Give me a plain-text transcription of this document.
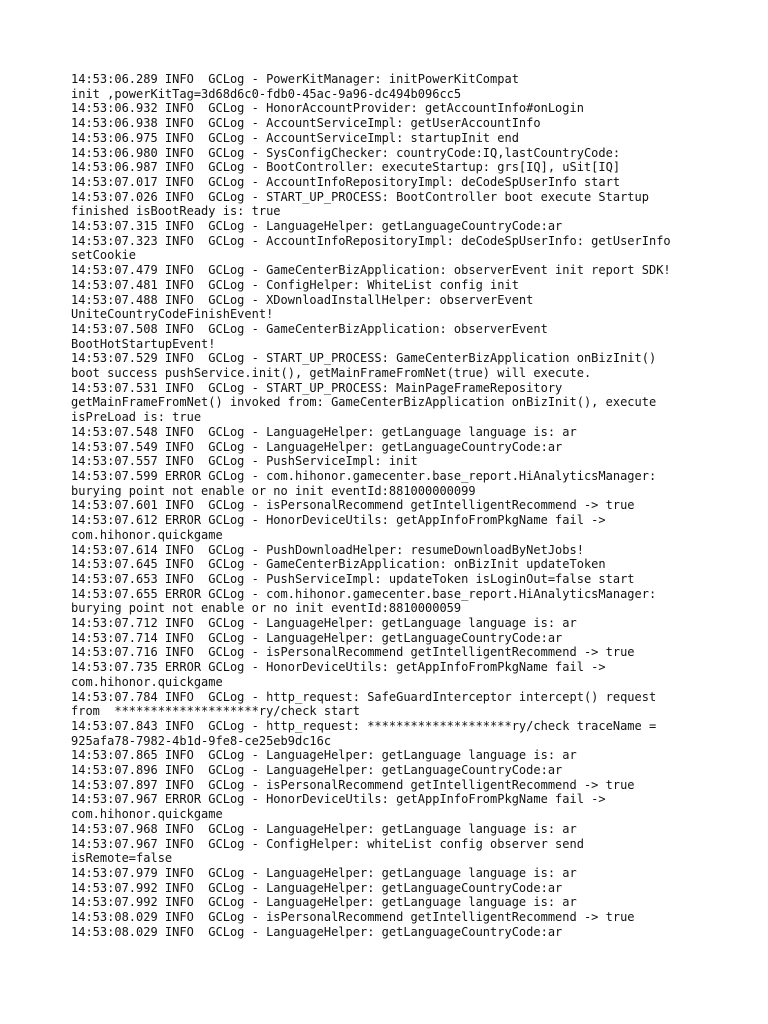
14:53:06.289 INFO  GCLog - PowerKitManager: initPowerKitCompat
init ,powerKitTag=3d68d6c0-fdb0-45ac-9a96-dc494b096cc5
14:53:06.932 INFO  GCLog - HonorAccountProvider: getAccountInfo#onLogin
14:53:06.938 INFO  GCLog - AccountServiceImpl: getUserAccountInfo
14:53:06.975 INFO  GCLog - AccountServiceImpl: startupInit end
14:53:06.980 INFO  GCLog - SysConfigChecker: countryCode:IQ,lastCountryCode:
14:53:06.987 INFO  GCLog - BootController: executeStartup: grs[IQ], uSit[IQ]
14:53:07.017 INFO  GCLog - AccountInfoRepositoryImpl: deCodeSpUserInfo start
14:53:07.026 INFO  GCLog - START_UP_PROCESS: BootController boot execute Startup
finished isBootReady is: true
14:53:07.315 INFO  GCLog - LanguageHelper: getLanguageCountryCode:ar
14:53:07.323 INFO  GCLog - AccountInfoRepositoryImpl: deCodeSpUserInfo: getUserInfo
setCookie
14:53:07.479 INFO  GCLog - GameCenterBizApplication: observerEvent init report SDK!
14:53:07.481 INFO  GCLog - ConfigHelper: WhiteList config init
14:53:07.488 INFO  GCLog - XDownloadInstallHelper: observerEvent
UniteCountryCodeFinishEvent!
14:53:07.508 INFO  GCLog - GameCenterBizApplication: observerEvent
BootHotStartupEvent!
14:53:07.529 INFO  GCLog - START_UP_PROCESS: GameCenterBizApplication onBizInit()
boot success pushService.init(), getMainFrameFromNet(true) will execute.
14:53:07.531 INFO  GCLog - START_UP_PROCESS: MainPageFrameRepository
getMainFrameFromNet() invoked from: GameCenterBizApplication onBizInit(), execute
isPreLoad is: true
14:53:07.548 INFO  GCLog - LanguageHelper: getLanguage language is: ar
14:53:07.549 INFO  GCLog - LanguageHelper: getLanguageCountryCode:ar
14:53:07.557 INFO  GCLog - PushServiceImpl: init
14:53:07.599 ERROR GCLog - com.hihonor.gamecenter.base_report.HiAnalyticsManager:
burying point not enable or no init eventId:881000000099
14:53:07.601 INFO  GCLog - isPersonalRecommend getIntelligentRecommend -> true
14:53:07.612 ERROR GCLog - HonorDeviceUtils: getAppInfoFromPkgName fail ->
com.hihonor.quickgame
14:53:07.614 INFO  GCLog - PushDownloadHelper: resumeDownloadByNetJobs!
14:53:07.645 INFO  GCLog - GameCenterBizApplication: onBizInit updateToken
14:53:07.653 INFO  GCLog - PushServiceImpl: updateToken isLoginOut=false start
14:53:07.655 ERROR GCLog - com.hihonor.gamecenter.base_report.HiAnalyticsManager:
burying point not enable or no init eventId:8810000059
14:53:07.712 INFO  GCLog - LanguageHelper: getLanguage language is: ar
14:53:07.714 INFO  GCLog - LanguageHelper: getLanguageCountryCode:ar
14:53:07.716 INFO  GCLog - isPersonalRecommend getIntelligentRecommend -> true
14:53:07.735 ERROR GCLog - HonorDeviceUtils: getAppInfoFromPkgName fail ->
com.hihonor.quickgame
14:53:07.784 INFO  GCLog - http_request: SafeGuardInterceptor intercept() request
from  ********************ry/check start
14:53:07.843 INFO  GCLog - http_request: ********************ry/check traceName =
925afa78-7982-4b1d-9fe8-ce25eb9dc16c
14:53:07.865 INFO  GCLog - LanguageHelper: getLanguage language is: ar
14:53:07.896 INFO  GCLog - LanguageHelper: getLanguageCountryCode:ar
14:53:07.897 INFO  GCLog - isPersonalRecommend getIntelligentRecommend -> true
14:53:07.967 ERROR GCLog - HonorDeviceUtils: getAppInfoFromPkgName fail ->
com.hihonor.quickgame
14:53:07.968 INFO  GCLog - LanguageHelper: getLanguage language is: ar
14:53:07.967 INFO  GCLog - ConfigHelper: whiteList config observer send
isRemote=false
14:53:07.979 INFO  GCLog - LanguageHelper: getLanguage language is: ar
14:53:07.992 INFO  GCLog - LanguageHelper: getLanguageCountryCode:ar
14:53:07.992 INFO  GCLog - LanguageHelper: getLanguage language is: ar
14:53:08.029 INFO  GCLog - isPersonalRecommend getIntelligentRecommend -> true
14:53:08.029 INFO  GCLog - LanguageHelper: getLanguageCountryCode:ar
